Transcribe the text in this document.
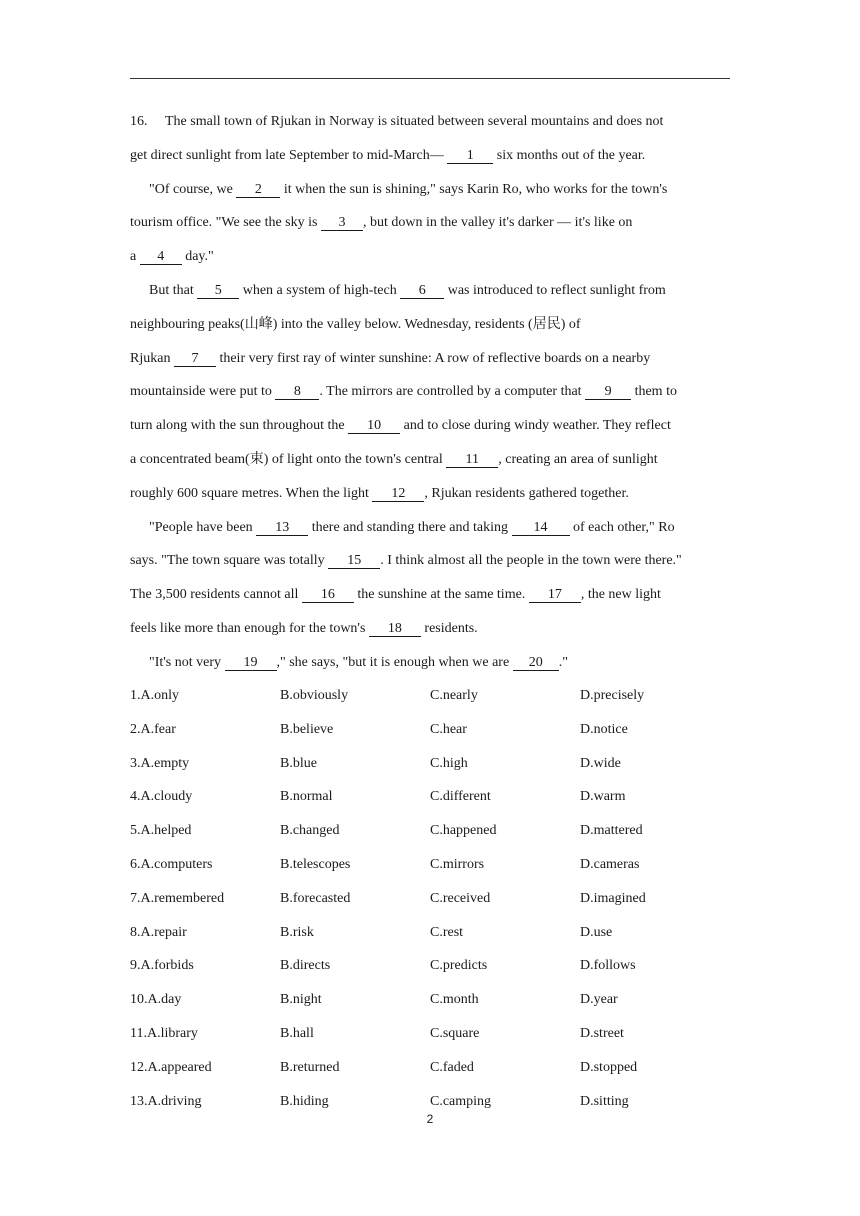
16. The small town of Rjukan in Norway is situated between several mountains and does not
get direct sunlight from late September to mid-March— 1 six months out of the year.
"Of course, we 2 it when the sun is shining," says Karin Ro, who works for the town's
tourism office. "We see the sky is 3 , but down in the valley it's darker — it's like on
a 4 day."
But that 5 when a system of high-tech 6 was introduced to reflect sunlight from
neighbouring peaks(山峰) into the valley below. Wednesday, residents (居民) of
Rjukan 7 their very first ray of winter sunshine: A row of reflective boards on a nearby
mountainside were put to 8 . The mirrors are controlled by a computer that 9 them to
turn along with the sun throughout the 10 and to close during windy weather. They reflect
a concentrated beam(束) of light onto the town's central 11 , creating an area of sunlight
roughly 600 square metres. When the light 12 , Rjukan residents gathered together.
"People have been 13 there and standing there and taking 14 of each other," Ro
says. "The town square was totally 15 . I think almost all the people in the town were there."
The 3,500 residents cannot all 16 the sunshine at the same time. 17 , the new light
feels like more than enough for the town's 18 residents.
"It's not very 19 ," she says, "but it is enough when we are 20 ."
1.A.only	B.obviously	C.nearly	D.precisely
2.A.fear	B.believe	C.hear	D.notice
3.A.empty	B.blue	C.high	D.wide
4.A.cloudy	B.normal	C.different	D.warm
5.A.helped	B.changed	C.happened	D.mattered
6.A.computers	B.telescopes	C.mirrors	D.cameras
7.A.remembered	B.forecasted	C.received	D.imagined
8.A.repair	B.risk	C.rest	D.use
9.A.forbids	B.directs	C.predicts	D.follows
10.A.day	B.night	C.month	D.year
11.A.library	B.hall	C.square	D.street
12.A.appeared	B.returned	C.faded	D.stopped
13.A.driving	B.hiding	C.camping	D.sitting
2
